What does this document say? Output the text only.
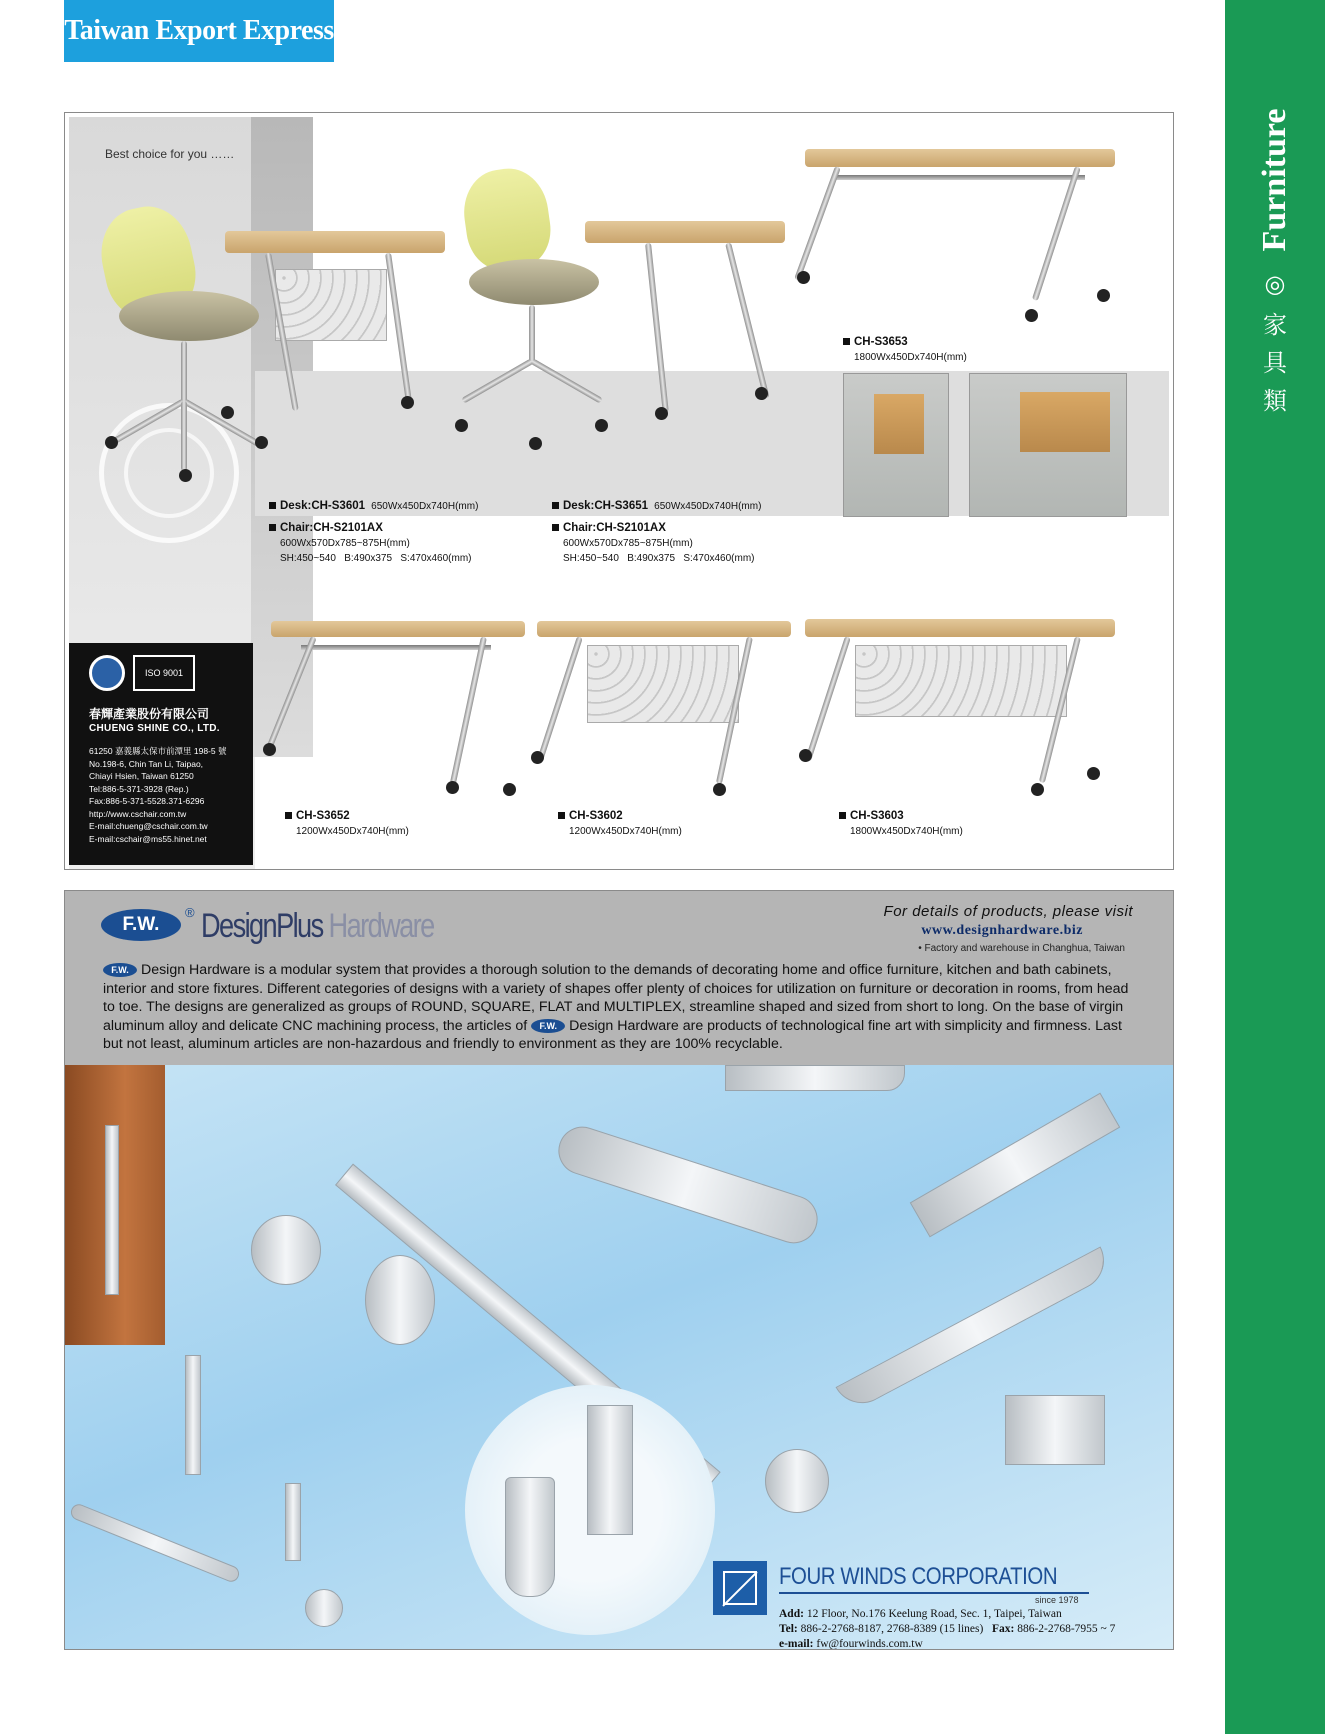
Taiwan Export Express
Furniture
◎
家
具
類
Best choice for you ……
CH-S3653
1800Wx450Dx740H(mm)
Desk:CH-S3601 650Wx450Dx740H(mm)	Desk:CH-S3651 650Wx450Dx740H(mm)
Chair:CH-S2101AX
600Wx570Dx785~875H(mm)
SH:450~540   B:490x375   S:470x460(mm)
Chair:CH-S2101AX
600Wx570Dx785~875H(mm)
SH:450~540   B:490x375   S:470x460(mm)
CH-S3652
1200Wx450Dx740H(mm)
CH-S3602
1200Wx450Dx740H(mm)
CH-S3603
1800Wx450Dx740H(mm)
ISO 9001
春輝產業股份有限公司
CHUENG SHINE CO., LTD.
61250 嘉義縣太保市前潭里 198-5 號
No.198-6, Chin Tan Li, Taipao,
Chiayi Hsien, Taiwan 61250
Tel:886-5-371-3928 (Rep.)
Fax:886-5-371-5528.371-6296
http://www.cschair.com.tw
E-mail:chueng@cschair.com.tw
E-mail:cschair@ms55.hinet.net
F.W.
® DesignPlus Hardware	For details of products, please visit
www.designhardware.biz
• Factory and warehouse in Changhua, Taiwan
F.W. Design Hardware is a modular system that provides a thorough solution to the demands of decorating home and office furniture, kitchen and bath cabinets, interior and store fixtures. Different categories of designs with a variety of shapes offer plenty of choices for utilization on furniture or decoration in rooms, from head to toe. The designs are generalized as groups of ROUND, SQUARE, FLAT and MULTIPLEX, streamline shaped and sized from short to long. On the base of virgin aluminum alloy and delicate CNC machining process, the articles of F.W. Design Hardware are products of technological fine art with simplicity and firmness. Last but not least, aluminum articles are non-hazardous and friendly to environment as they are 100% recyclable.
FOUR WINDS CORPORATION
since 1978
Add: 12 Floor, No.176 Keelung Road, Sec. 1, Taipei, Taiwan
Tel: 886-2-2768-8187, 2768-8389 (15 lines) Fax: 886-2-2768-7955 ~ 7
e-mail: fw@fourwinds.com.tw
